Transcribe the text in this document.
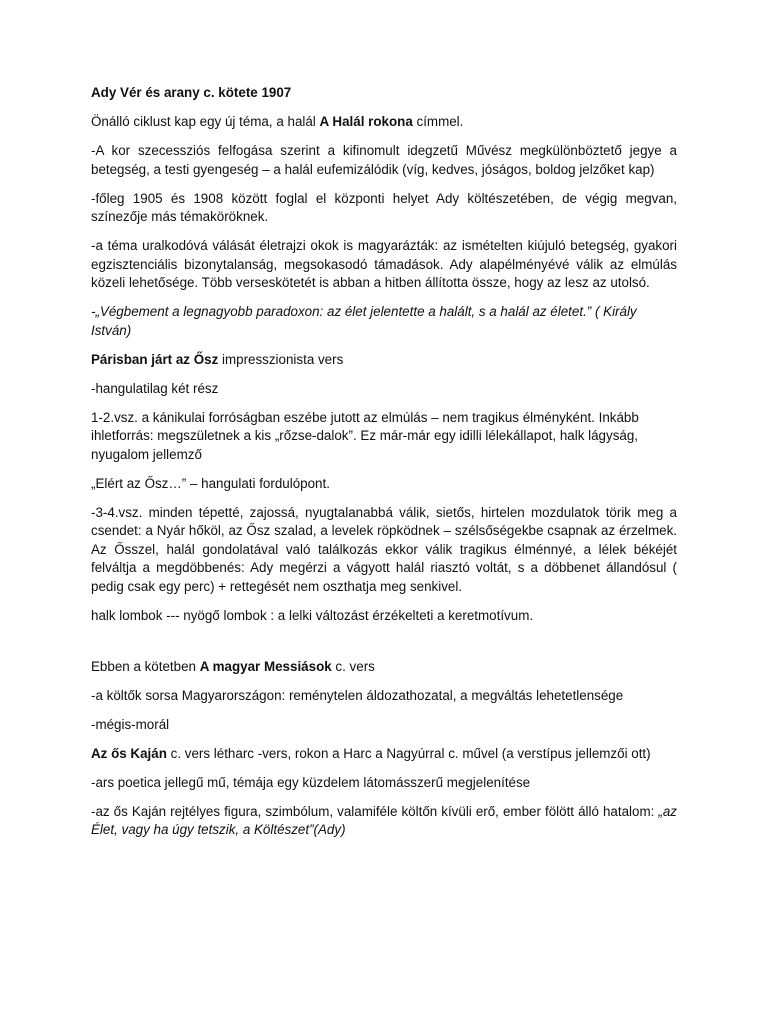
Ady Vér és arany c. kötete 1907

Önálló ciklust kap egy új téma, a halál A Halál rokona címmel.

-A kor szecessziós felfogása szerint a kifinomult idegzetű Művész megkülönböztető jegye a betegség, a testi gyengeség – a halál eufemizálódik (víg, kedves, jóságos, boldog jelzőket kap)

-főleg 1905 és 1908 között foglal el központi helyet Ady költészetében, de végig megvan, színezője más témaköröknek.

-a téma uralkodóvá válását életrajzi okok is magyarázták: az ismételten kiújuló betegség, gyakori egzisztenciális bizonytalanság, megsokasodó támadások. Ady alapélményévé válik az elmúlás közeli lehetősége. Több verseskötetét is abban a hitben állította össze, hogy az lesz az utolsó.

-„Végbement a legnagyobb paradoxon: az élet jelentette a halált, s a halál az életet.” ( Király István)

Párisban járt az Ősz impresszionista vers

-hangulatilag két rész

1-2.vsz. a kánikulai forróságban eszébe jutott az elmúlás – nem tragikus élményként. Inkább ihletforrás: megszületnek a kis „rőzse-dalok”. Ez már-már egy idilli lélekállapot, halk lágyság, nyugalom jellemző

„Elért az Ősz…” – hangulati fordulópont.

-3-4.vsz. minden tépetté, zajossá, nyugtalanabbá válik, sietős, hirtelen mozdulatok törik meg a csendet: a Nyár hőköl, az Ősz szalad, a levelek röpködnek – szélsőségekbe csapnak az érzelmek. Az Ősszel, halál gondolatával való találkozás ekkor válik tragikus élménnyé, a lélek békéjét felváltja a megdöbbenés: Ady megérzi a vágyott halál riasztó voltát, s a döbbenet állandósul ( pedig csak egy perc) + rettegését nem oszthatja meg senkivel.

halk lombok --- nyögő lombok : a lelki változást érzékelteti a keretmotívum.

Ebben a kötetben A magyar Messiások c. vers

-a költők sorsa Magyarországon: reménytelen áldozathozatal, a megváltás lehetetlensége

-mégis-morál

Az ős Kaján c. vers létharc -vers, rokon a Harc a Nagyúrral c. művel (a verstípus jellemzői ott)

-ars poetica jellegű mű, témája egy küzdelem látomásszerű megjelenítése

-az ős Kaján rejtélyes figura, szimbólum, valamiféle költőn kívüli erő, ember fölött álló hatalom: „az Élet, vagy ha úgy tetszik, a Költészet”(Ady)
